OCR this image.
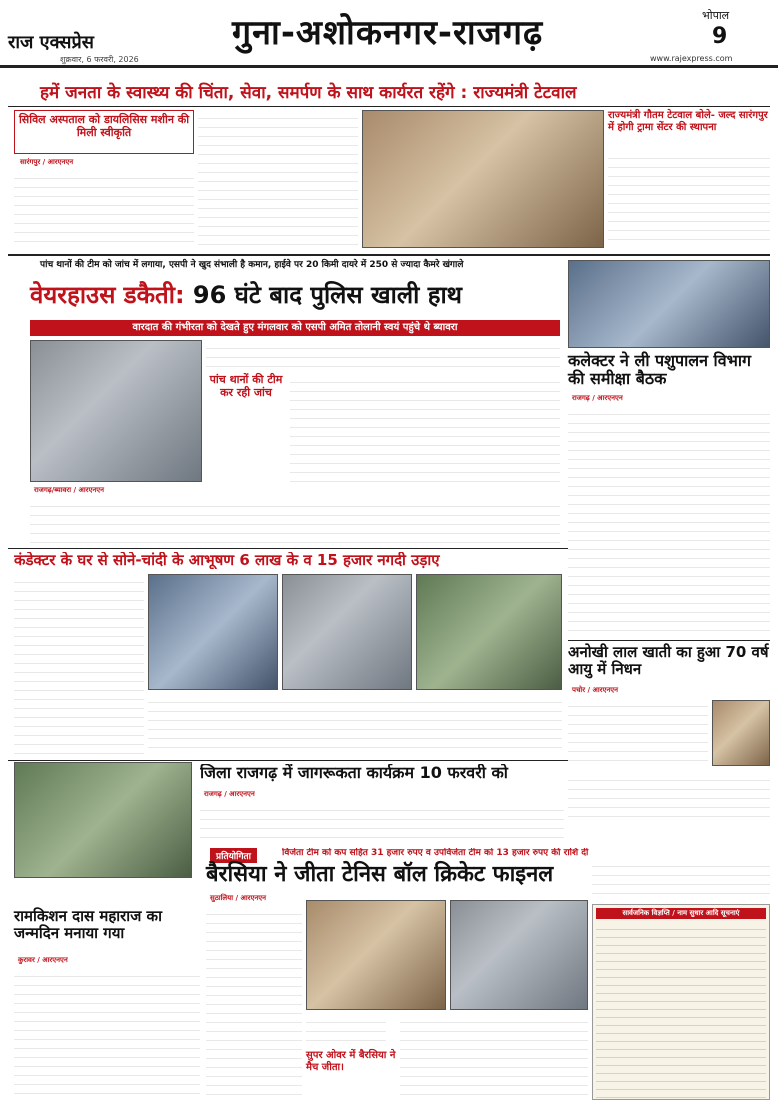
राज एक्सप्रेस
शुक्रवार, 6 फरवरी, 2026
गुना-अशोकनगर-राजगढ़	भोपाल
9
www.rajexpress.com
हमें जनता के स्वास्थ्य की चिंता, सेवा, समर्पण के साथ कार्यरत रहेंगे : राज्यमंत्री टेटवाल
सिविल अस्पताल को डायलिसिस मशीन की मिली स्वीकृति
सारंगपुर / आरएनएन
राज्यमंत्री गौतम टेटवाल बोले- जल्द सारंगपुर में होगी ट्रामा सेंटर की स्थापना
पांच थानों की टीम को जांच में लगाया, एसपी ने खुद संभाली है कमान, हाईवे पर 20 किमी दायरे में 250 से ज्यादा कैमरे खंगाले
वेयरहाउस डकैती: 96 घंटे बाद पुलिस खाली हाथ
वारदात की गंभीरता को देखते हुए मंगलवार को एसपी अमित तोलानी स्वयं पहुंचे थे ब्यावरा
पांच थानों की टीम कर रही जांच
राजगढ़/ब्यावरा / आरएनएन
कंडेक्टर के घर से सोने-चांदी के आभूषण 6 लाख के व 15 हजार नगदी उड़ाए
कलेक्टर ने ली पशुपालन विभाग की समीक्षा बैठक
राजगढ़ / आरएनएन
अनोखी लाल खाती का हुआ 70 वर्ष आयु में निधन
पचोर / आरएनएन
जिला राजगढ़ में जागरूकता कार्यक्रम 10 फरवरी को
राजगढ़ / आरएनएन
प्रतियोगिता	विजेता टीम को कप सहित 31 हजार रुपए व उपविजेता टीम को 13 हजार रुपए की राशि दी
बैरसिया ने जीता टेनिस बॉल क्रिकेट फाइनल
सुठालिया / आरएनएन
सुपर ओवर में बैरसिया ने मैच जीता।
रामकिशन दास महाराज का जन्मदिन मनाया गया
कुरावर / आरएनएन
सार्वजनिक विज्ञप्ति / नाम सुधार आदि सूचनाएं
